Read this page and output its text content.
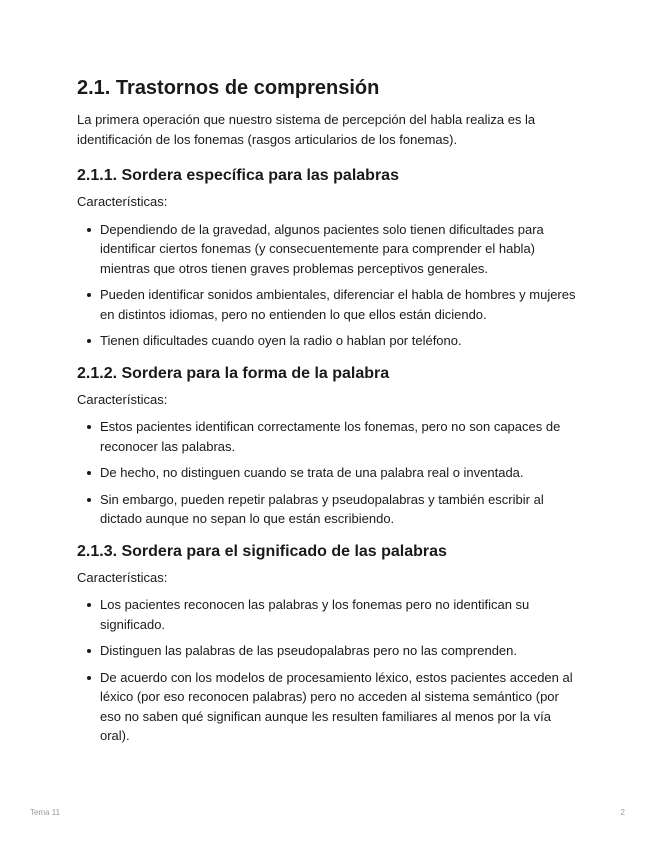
2.1. Trastornos de comprensión

La primera operación que nuestro sistema de percepción del habla realiza es la identificación de los fonemas (rasgos articularios de los fonemas).

2.1.1. Sordera específica para las palabras

Características:

Dependiendo de la gravedad, algunos pacientes solo tienen dificultades para identificar ciertos fonemas (y consecuentemente para comprender el habla) mientras que otros tienen graves problemas perceptivos generales.
Pueden identificar sonidos ambientales, diferenciar el habla de hombres y mujeres en distintos idiomas, pero no entienden lo que ellos están diciendo.
Tienen dificultades cuando oyen la radio o hablan por teléfono.
2.1.2. Sordera para la forma de la palabra

Características:

Estos pacientes identifican correctamente los fonemas, pero no son capaces de reconocer las palabras.
De hecho, no distinguen cuando se trata de una palabra real o inventada.
Sin embargo, pueden repetir palabras y pseudopalabras y también escribir al dictado aunque no sepan lo que están escribiendo.
2.1.3. Sordera para el significado de las palabras

Características:

Los pacientes reconocen las palabras y los fonemas pero no identifican su significado.
Distinguen las palabras de las pseudopalabras pero no las comprenden.
De acuerdo con los modelos de procesamiento léxico, estos pacientes acceden al léxico (por eso reconocen palabras) pero no acceden al sistema semántico (por eso no saben qué significan aunque les resulten familiares al menos por la vía oral).
Tema 11	2
